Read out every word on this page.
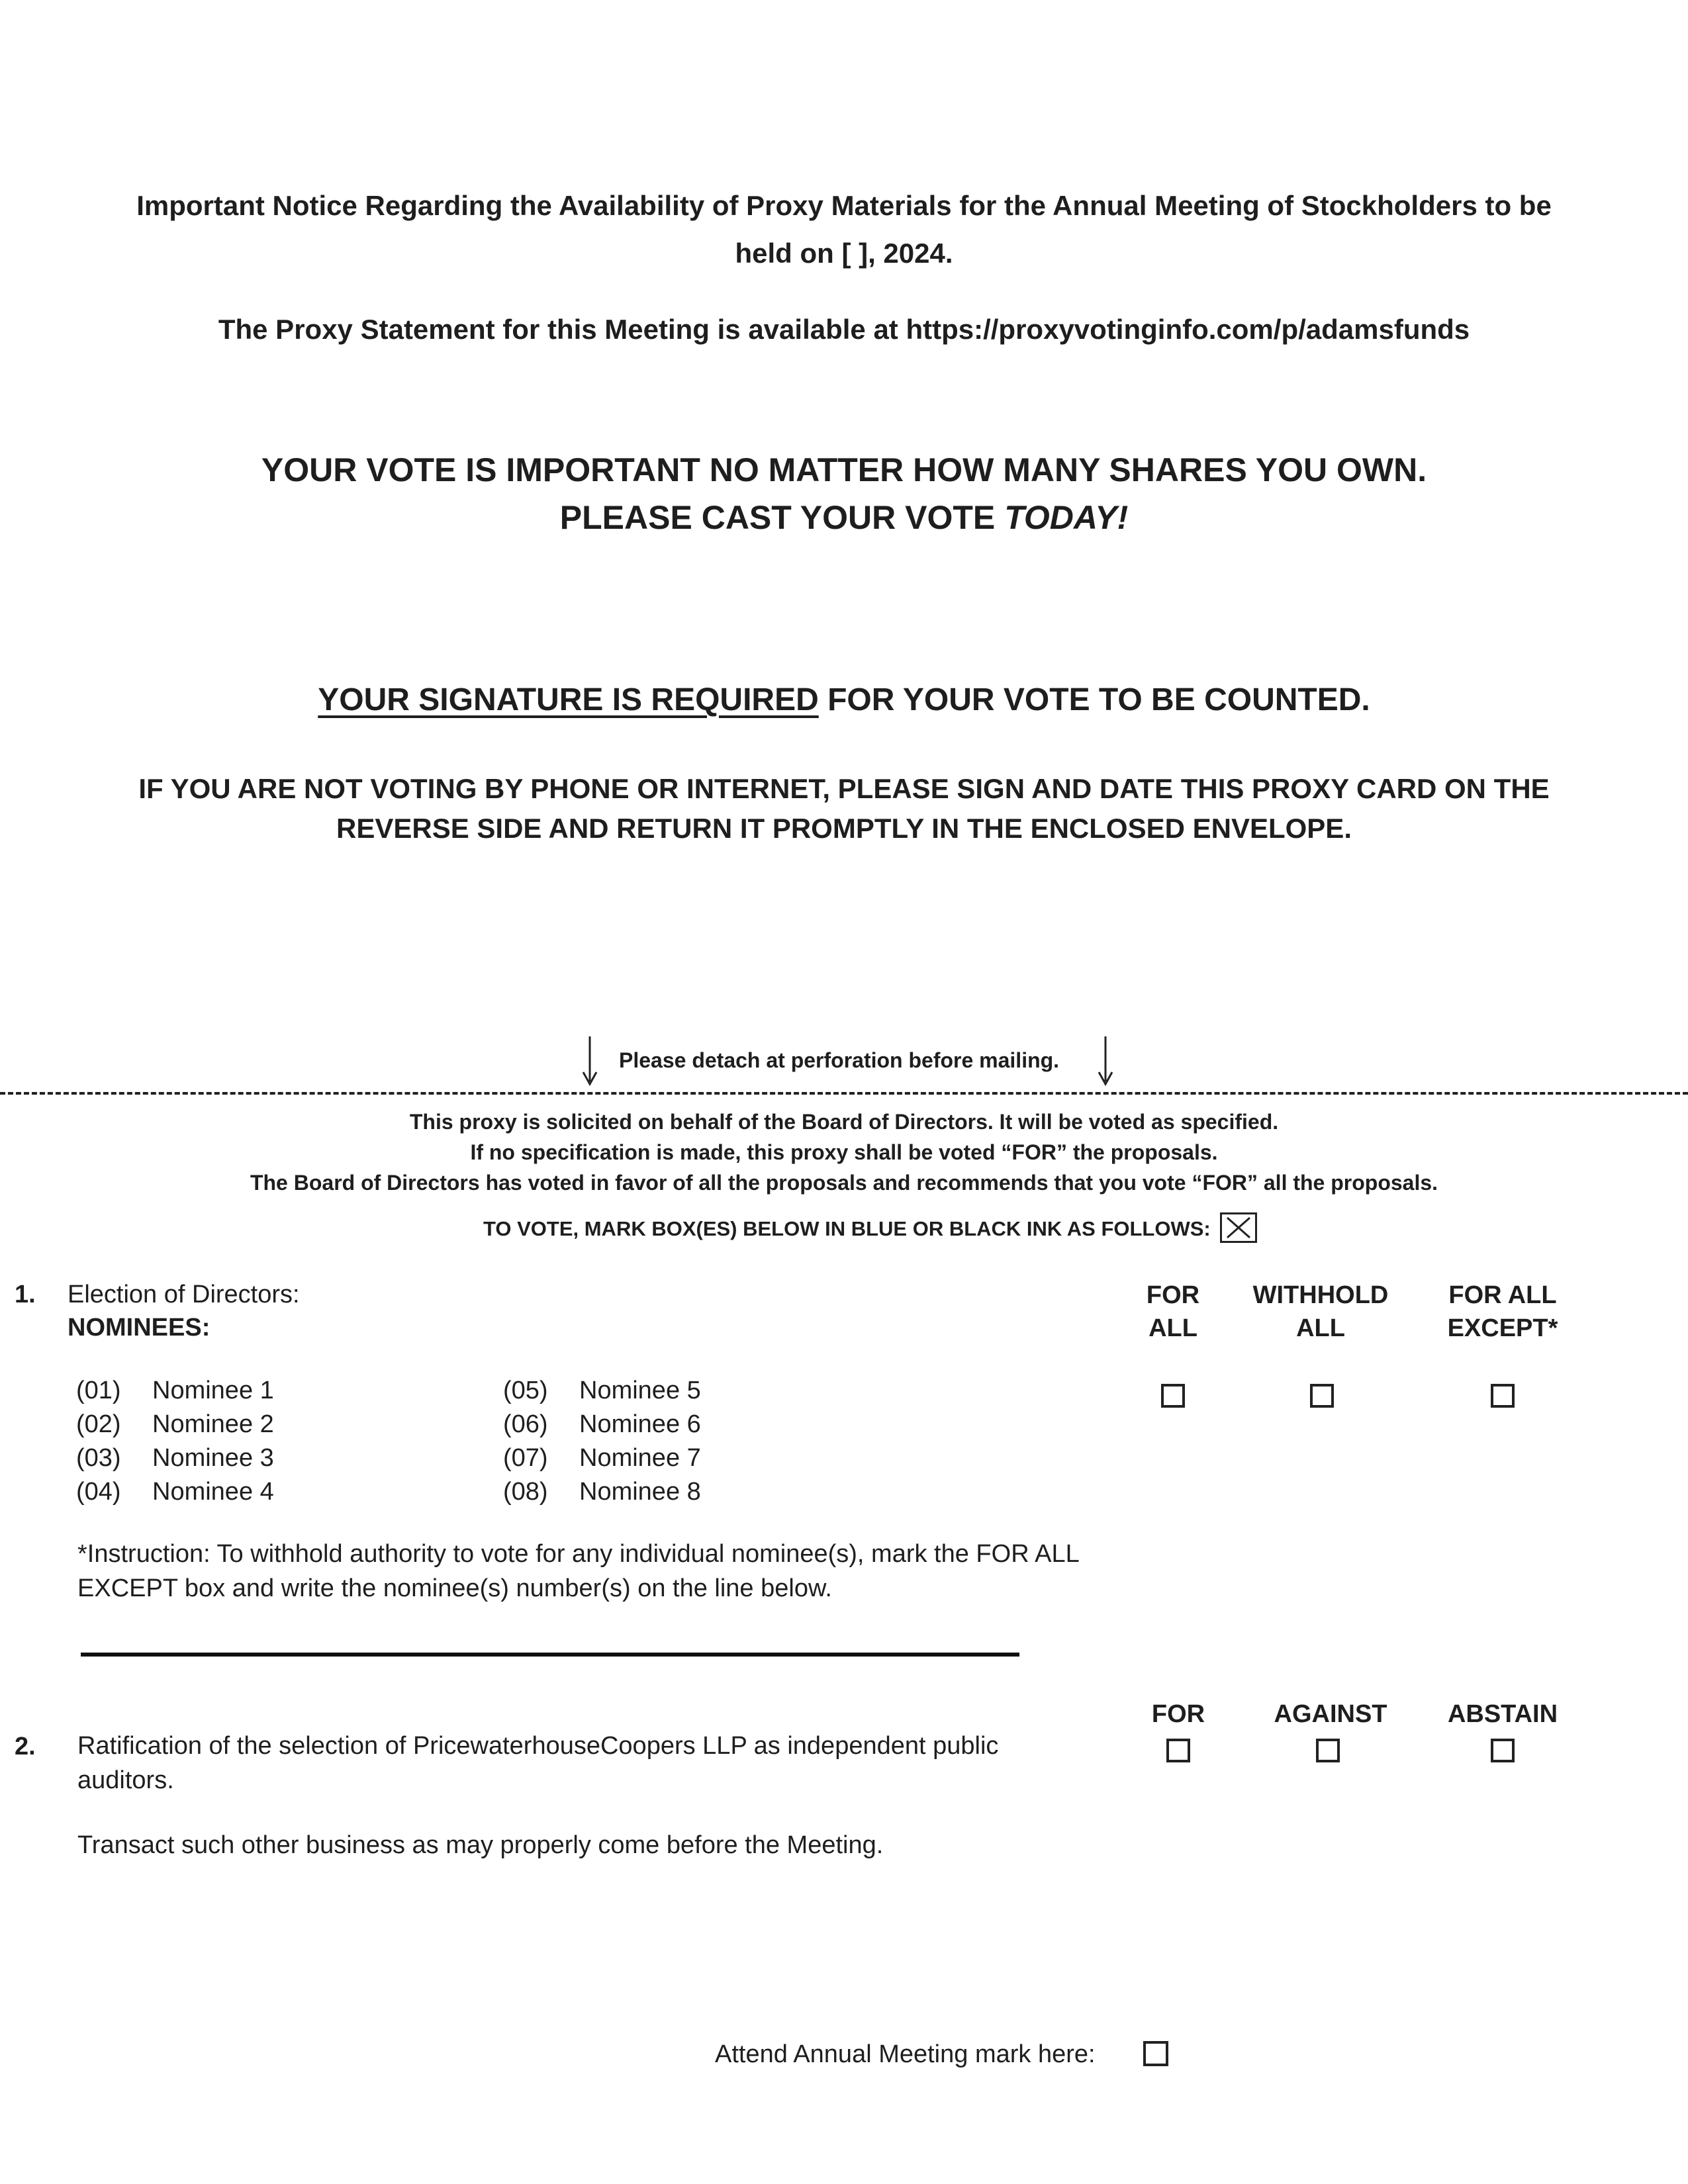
Important Notice Regarding the Availability of Proxy Materials for the Annual Meeting of Stockholders to be
held on [ ], 2024.
The Proxy Statement for this Meeting is available at https://proxyvotinginfo.com/p/adamsfunds
YOUR VOTE IS IMPORTANT NO MATTER HOW MANY SHARES YOU OWN.
PLEASE CAST YOUR VOTE TODAY!
YOUR SIGNATURE IS REQUIRED FOR YOUR VOTE TO BE COUNTED.
IF YOU ARE NOT VOTING BY PHONE OR INTERNET, PLEASE SIGN AND DATE THIS PROXY CARD ON THE
REVERSE SIDE AND RETURN IT PROMPTLY IN THE ENCLOSED ENVELOPE.
Please detach at perforation before mailing.
This proxy is solicited on behalf of the Board of Directors. It will be voted as specified.
If no specification is made, this proxy shall be voted “FOR” the proposals.
The Board of Directors has voted in favor of all the proposals and recommends that you vote “FOR” all the proposals.
TO VOTE, MARK BOX(ES) BELOW IN BLUE OR BLACK INK AS FOLLOWS:
1. Election of Directors:
NOMINEES:
FOR
ALL
WITHHOLD
ALL
FOR ALL
EXCEPT*
(01) Nominee 1
(02) Nominee 2
(03) Nominee 3
(04) Nominee 4
(05) Nominee 5
(06) Nominee 6
(07) Nominee 7
(08) Nominee 8
*Instruction: To withhold authority to vote for any individual nominee(s), mark the FOR ALL
EXCEPT box and write the nominee(s) number(s) on the line below.
FOR	AGAINST	ABSTAIN
2. Ratification of the selection of PricewaterhouseCoopers LLP as independent public
auditors.
Transact such other business as may properly come before the Meeting.
Attend Annual Meeting mark here:
